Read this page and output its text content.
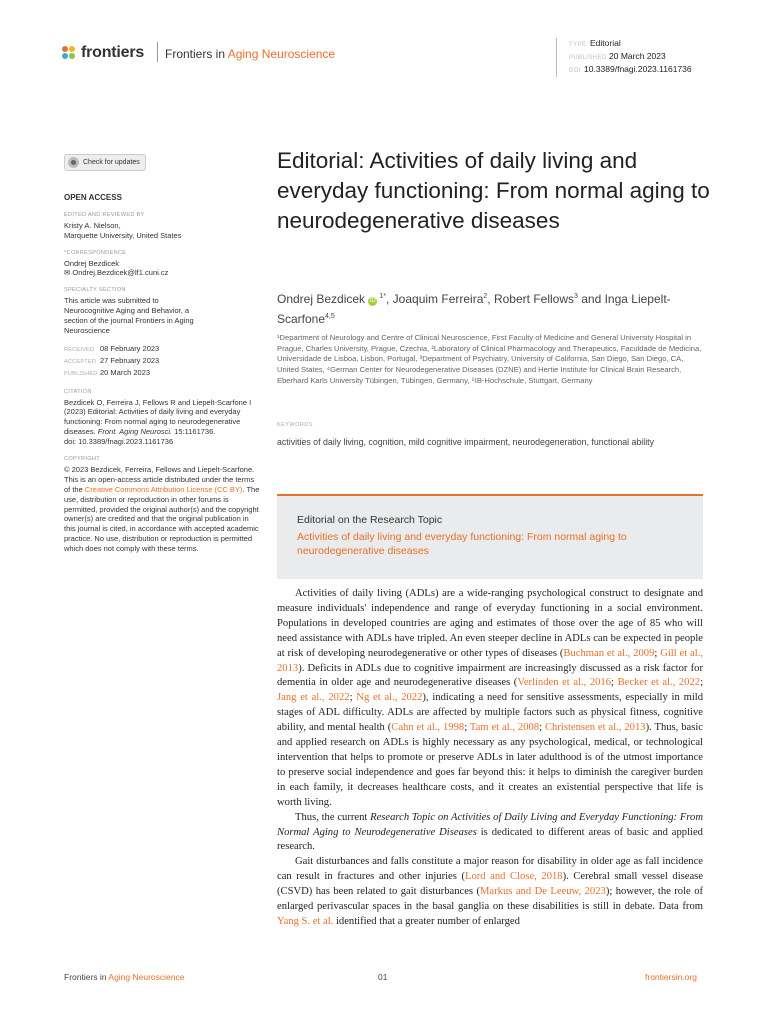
frontiers Frontiers in Aging Neuroscience
TYPE Editorial
PUBLISHED 20 March 2023
DOI 10.3389/fnagi.2023.1161736
Check for updates
OPEN ACCESS
EDITED AND REVIEWED BY
Kristy A. Nielson,
Marquette University, United States
*CORRESPONDENCE
Ondrej Bezdicek
✉ Ondrej.Bezdicek@lf1.cuni.cz
SPECIALTY SECTION
This article was submitted to Neurocognitive Aging and Behavior, a section of the journal Frontiers in Aging Neuroscience
RECEIVED 08 February 2023
ACCEPTED 27 February 2023
PUBLISHED 20 March 2023
CITATION
Bezdicek O, Ferreira J, Fellows R and Liepelt-Scarfone I (2023) Editorial: Activities of daily living and everyday functioning: From normal aging to neurodegenerative diseases. Front. Aging Neurosci. 15:1161736.
doi: 10.3389/fnagi.2023.1161736
COPYRIGHT
© 2023 Bezdicek, Ferreira, Fellows and Liepelt-Scarfone. This is an open-access article distributed under the terms of the Creative Commons Attribution License (CC BY). The use, distribution or reproduction in other forums is permitted, provided the original author(s) and the copyright owner(s) are credited and that the original publication in this journal is cited, in accordance with accepted academic practice. No use, distribution or reproduction is permitted which does not comply with these terms.
Editorial: Activities of daily living and everyday functioning: From normal aging to neurodegenerative diseases
Ondrej Bezdicek $iD^{1*}$, Joaquim Ferreira$^2$, Robert Fellows$^3$ and Inga Liepelt-Scarfone$^{4,5}$
¹Department of Neurology and Centre of Clinical Neuroscience, First Faculty of Medicine and General University Hospital in Prague, Charles University, Prague, Czechia, ²Laboratory of Clinical Pharmacology and Therapeutics, Faculdade de Medicina, Universidade de Lisboa, Lisbon, Portugal, ³Department of Psychiatry, University of California, San Diego, San Diego, CA, United States, ⁴German Center for Neurodegenerative Diseases (DZNE) and Hertie Institute for Clinical Brain Research, Eberhard Karls University Tübingen, Tübingen, Germany, ⁵IB-Hochschule, Stuttgart, Germany
KEYWORDS
activities of daily living, cognition, mild cognitive impairment, neurodegeneration, functional ability
Editorial on the Research Topic
Activities of daily living and everyday functioning: From normal aging to neurodegenerative diseases

Activities of daily living (ADLs) are a wide-ranging psychological construct to designate and measure individuals' independence and range of everyday functioning in a social environment. Populations in developed countries are aging and estimates of those over the age of 85 who will need assistance with ADLs have tripled. An even steeper decline in ADLs can be expected in people at risk of developing neurodegenerative or other types of diseases (Buchman et al., 2009; Gill et al., 2013). Deficits in ADLs due to cognitive impairment are increasingly discussed as a risk factor for dementia in older age and neurodegenerative diseases (Verlinden et al., 2016; Becker et al., 2022; Jang et al., 2022; Ng et al., 2022), indicating a need for sensitive assessments, especially in mild stages of ADL difficulty. ADLs are affected by multiple factors such as physical fitness, cognitive ability, and mental health (Cahn et al., 1998; Tam et al., 2008; Christensen et al., 2013). Thus, basic and applied research on ADLs is highly necessary as any psychological, medical, or technological intervention that helps to promote or preserve ADLs in later adulthood is of the utmost importance to preserve social independence and goes far beyond this: it helps to diminish the caregiver burden in each family, it decreases healthcare costs, and it creates an existential perspective that life is worth living.

Thus, the current Research Topic on Activities of Daily Living and Everyday Functioning: From Normal Aging to Neurodegenerative Diseases is dedicated to different areas of basic and applied research.

Gait disturbances and falls constitute a major reason for disability in older age as fall incidence can result in fractures and other injuries (Lord and Close, 2018). Cerebral small vessel disease (CSVD) has been related to gait disturbances (Markus and De Leeuw, 2023); however, the role of enlarged perivascular spaces in the basal ganglia on these disabilities is still in debate. Data from Yang S. et al. identified that a greater number of enlarged

Frontiers in Aging Neuroscience	01	frontiersin.org
